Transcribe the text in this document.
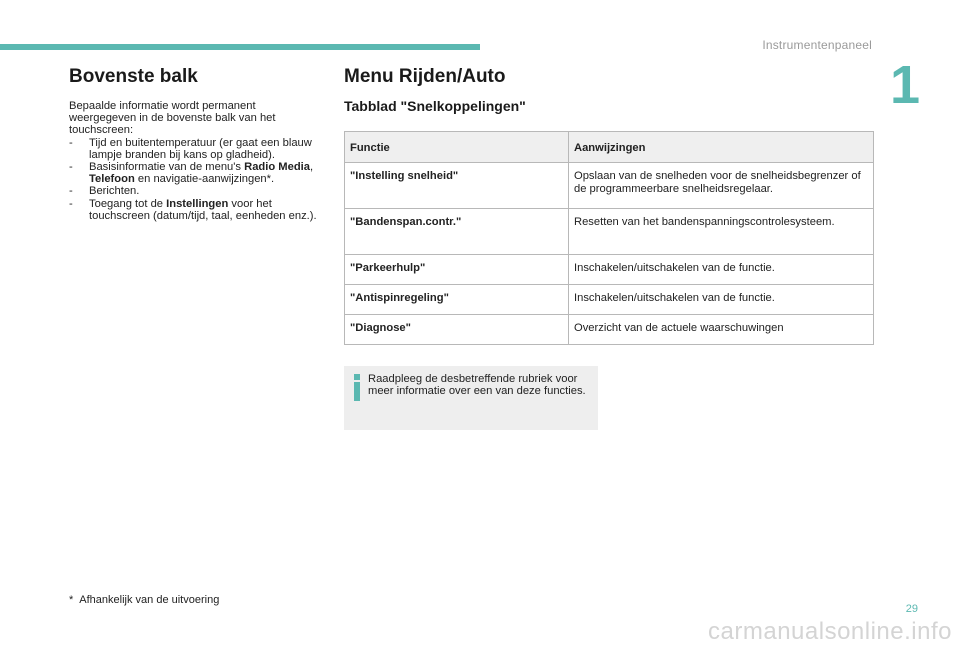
Instrumentenpaneel
1
Bovenste balk

Bepaalde informatie wordt permanent weergegeven in de bovenste balk van het touchscreen:

- Tijd en buitentemperatuur (er gaat een blauw lampje branden bij kans op gladheid).
- Basisinformatie van de menu's Radio Media, Telefoon en navigatie-aanwijzingen*.
- Berichten.
- Toegang tot de Instellingen voor het touchscreen (datum/tijd, taal, eenheden enz.).
Menu Rijden/Auto
Tabblad "Snelkoppelingen"
Functie	Aanwijzingen
"Instelling snelheid"	Opslaan van de snelheden voor de snelheidsbegrenzer of de programmeerbare snelheidsregelaar.
"Bandenspan.contr."	Resetten van het bandenspanningscontrolesysteem.
"Parkeerhulp"	Inschakelen/uitschakelen van de functie.
"Antispinregeling"	Inschakelen/uitschakelen van de functie.
"Diagnose"	Overzicht van de actuele waarschuwingen
Raadpleeg de desbetreffende rubriek voor meer informatie over een van deze functies.
* Afhankelijk van de uitvoering
29
carmanualsonline.info
